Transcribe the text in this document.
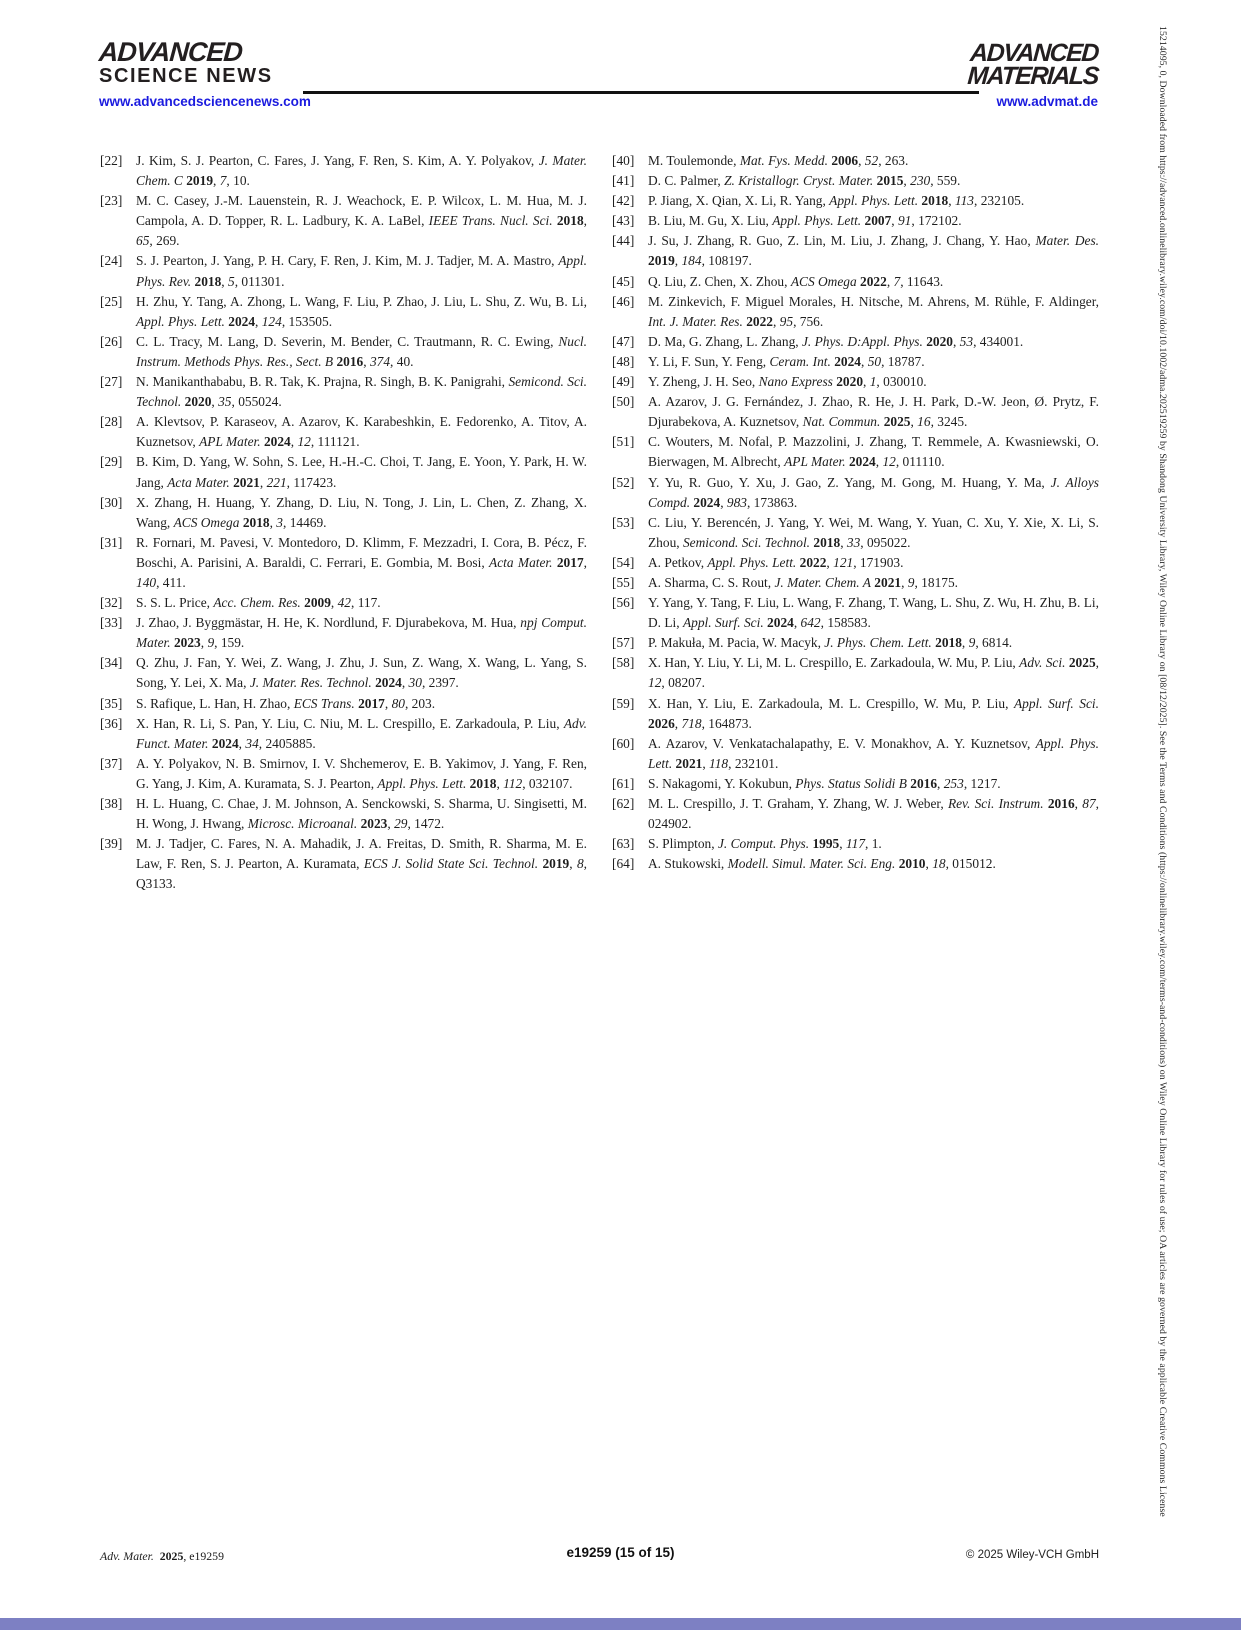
ADVANCED
SCIENCE NEWS
www.advancedsciencenews.com
ADVANCED
MATERIALS
www.advmat.de
[22]	J. Kim, S. J. Pearton, C. Fares, J. Yang, F. Ren, S. Kim, A. Y. Polyakov, J. Mater. Chem. C 2019, 7, 10.
[23]	M. C. Casey, J.-M. Lauenstein, R. J. Weachock, E. P. Wilcox, L. M. Hua, M. J. Campola, A. D. Topper, R. L. Ladbury, K. A. LaBel, IEEE Trans. Nucl. Sci. 2018, 65, 269.
[24]	S. J. Pearton, J. Yang, P. H. Cary, F. Ren, J. Kim, M. J. Tadjer, M. A. Mastro, Appl. Phys. Rev. 2018, 5, 011301.
[25]	H. Zhu, Y. Tang, A. Zhong, L. Wang, F. Liu, P. Zhao, J. Liu, L. Shu, Z. Wu, B. Li, Appl. Phys. Lett. 2024, 124, 153505.
[26]	C. L. Tracy, M. Lang, D. Severin, M. Bender, C. Trautmann, R. C. Ewing, Nucl. Instrum. Methods Phys. Res., Sect. B 2016, 374, 40.
[27]	N. Manikanthababu, B. R. Tak, K. Prajna, R. Singh, B. K. Panigrahi, Semicond. Sci. Technol. 2020, 35, 055024.
[28]	A. Klevtsov, P. Karaseov, A. Azarov, K. Karabeshkin, E. Fedorenko, A. Titov, A. Kuznetsov, APL Mater. 2024, 12, 111121.
[29]	B. Kim, D. Yang, W. Sohn, S. Lee, H.-H.-C. Choi, T. Jang, E. Yoon, Y. Park, H. W. Jang, Acta Mater. 2021, 221, 117423.
[30]	X. Zhang, H. Huang, Y. Zhang, D. Liu, N. Tong, J. Lin, L. Chen, Z. Zhang, X. Wang, ACS Omega 2018, 3, 14469.
[31]	R. Fornari, M. Pavesi, V. Montedoro, D. Klimm, F. Mezzadri, I. Cora, B. Pécz, F. Boschi, A. Parisini, A. Baraldi, C. Ferrari, E. Gombia, M. Bosi, Acta Mater. 2017, 140, 411.
[32]	S. S. L. Price, Acc. Chem. Res. 2009, 42, 117.
[33]	J. Zhao, J. Byggmästar, H. He, K. Nordlund, F. Djurabekova, M. Hua, npj Comput. Mater. 2023, 9, 159.
[34]	Q. Zhu, J. Fan, Y. Wei, Z. Wang, J. Zhu, J. Sun, Z. Wang, X. Wang, L. Yang, S. Song, Y. Lei, X. Ma, J. Mater. Res. Technol. 2024, 30, 2397.
[35]	S. Rafique, L. Han, H. Zhao, ECS Trans. 2017, 80, 203.
[36]	X. Han, R. Li, S. Pan, Y. Liu, C. Niu, M. L. Crespillo, E. Zarkadoula, P. Liu, Adv. Funct. Mater. 2024, 34, 2405885.
[37]	A. Y. Polyakov, N. B. Smirnov, I. V. Shchemerov, E. B. Yakimov, J. Yang, F. Ren, G. Yang, J. Kim, A. Kuramata, S. J. Pearton, Appl. Phys. Lett. 2018, 112, 032107.
[38]	H. L. Huang, C. Chae, J. M. Johnson, A. Senckowski, S. Sharma, U. Singisetti, M. H. Wong, J. Hwang, Microsc. Microanal. 2023, 29, 1472.
[39]	M. J. Tadjer, C. Fares, N. A. Mahadik, J. A. Freitas, D. Smith, R. Sharma, M. E. Law, F. Ren, S. J. Pearton, A. Kuramata, ECS J. Solid State Sci. Technol. 2019, 8, Q3133.
[40]	M. Toulemonde, Mat. Fys. Medd. 2006, 52, 263.
[41]	D. C. Palmer, Z. Kristallogr. Cryst. Mater. 2015, 230, 559.
[42]	P. Jiang, X. Qian, X. Li, R. Yang, Appl. Phys. Lett. 2018, 113, 232105.
[43]	B. Liu, M. Gu, X. Liu, Appl. Phys. Lett. 2007, 91, 172102.
[44]	J. Su, J. Zhang, R. Guo, Z. Lin, M. Liu, J. Zhang, J. Chang, Y. Hao, Mater. Des. 2019, 184, 108197.
[45]	Q. Liu, Z. Chen, X. Zhou, ACS Omega 2022, 7, 11643.
[46]	M. Zinkevich, F. Miguel Morales, H. Nitsche, M. Ahrens, M. Rühle, F. Aldinger, Int. J. Mater. Res. 2022, 95, 756.
[47]	D. Ma, G. Zhang, L. Zhang, J. Phys. D:Appl. Phys. 2020, 53, 434001.
[48]	Y. Li, F. Sun, Y. Feng, Ceram. Int. 2024, 50, 18787.
[49]	Y. Zheng, J. H. Seo, Nano Express 2020, 1, 030010.
[50]	A. Azarov, J. G. Fernández, J. Zhao, R. He, J. H. Park, D.-W. Jeon, Ø. Prytz, F. Djurabekova, A. Kuznetsov, Nat. Commun. 2025, 16, 3245.
[51]	C. Wouters, M. Nofal, P. Mazzolini, J. Zhang, T. Remmele, A. Kwasniewski, O. Bierwagen, M. Albrecht, APL Mater. 2024, 12, 011110.
[52]	Y. Yu, R. Guo, Y. Xu, J. Gao, Z. Yang, M. Gong, M. Huang, Y. Ma, J. Alloys Compd. 2024, 983, 173863.
[53]	C. Liu, Y. Berencén, J. Yang, Y. Wei, M. Wang, Y. Yuan, C. Xu, Y. Xie, X. Li, S. Zhou, Semicond. Sci. Technol. 2018, 33, 095022.
[54]	A. Petkov, Appl. Phys. Lett. 2022, 121, 171903.
[55]	A. Sharma, C. S. Rout, J. Mater. Chem. A 2021, 9, 18175.
[56]	Y. Yang, Y. Tang, F. Liu, L. Wang, F. Zhang, T. Wang, L. Shu, Z. Wu, H. Zhu, B. Li, D. Li, Appl. Surf. Sci. 2024, 642, 158583.
[57]	P. Makuła, M. Pacia, W. Macyk, J. Phys. Chem. Lett. 2018, 9, 6814.
[58]	X. Han, Y. Liu, Y. Li, M. L. Crespillo, E. Zarkadoula, W. Mu, P. Liu, Adv. Sci. 2025, 12, 08207.
[59]	X. Han, Y. Liu, E. Zarkadoula, M. L. Crespillo, W. Mu, P. Liu, Appl. Surf. Sci. 2026, 718, 164873.
[60]	A. Azarov, V. Venkatachalapathy, E. V. Monakhov, A. Y. Kuznetsov, Appl. Phys. Lett. 2021, 118, 232101.
[61]	S. Nakagomi, Y. Kokubun, Phys. Status Solidi B 2016, 253, 1217.
[62]	M. L. Crespillo, J. T. Graham, Y. Zhang, W. J. Weber, Rev. Sci. Instrum. 2016, 87, 024902.
[63]	S. Plimpton, J. Comput. Phys. 1995, 117, 1.
[64]	A. Stukowski, Modell. Simul. Mater. Sci. Eng. 2010, 18, 015012.	15214095, 0, Downloaded from https://advanced.onlinelibrary.wiley.com/doi/10.1002/adma.202519259 by Shandong University Library, Wiley Online Library on [08/12/2025]. See the Terms and Conditions (https://onlinelibrary.wiley.com/terms-and-conditions) on Wiley Online Library for rules of use; OA articles are governed by the applicable Creative Commons License
Adv. Mater. 2025, e19259	e19259 (15 of 15)	© 2025 Wiley-VCH GmbH
